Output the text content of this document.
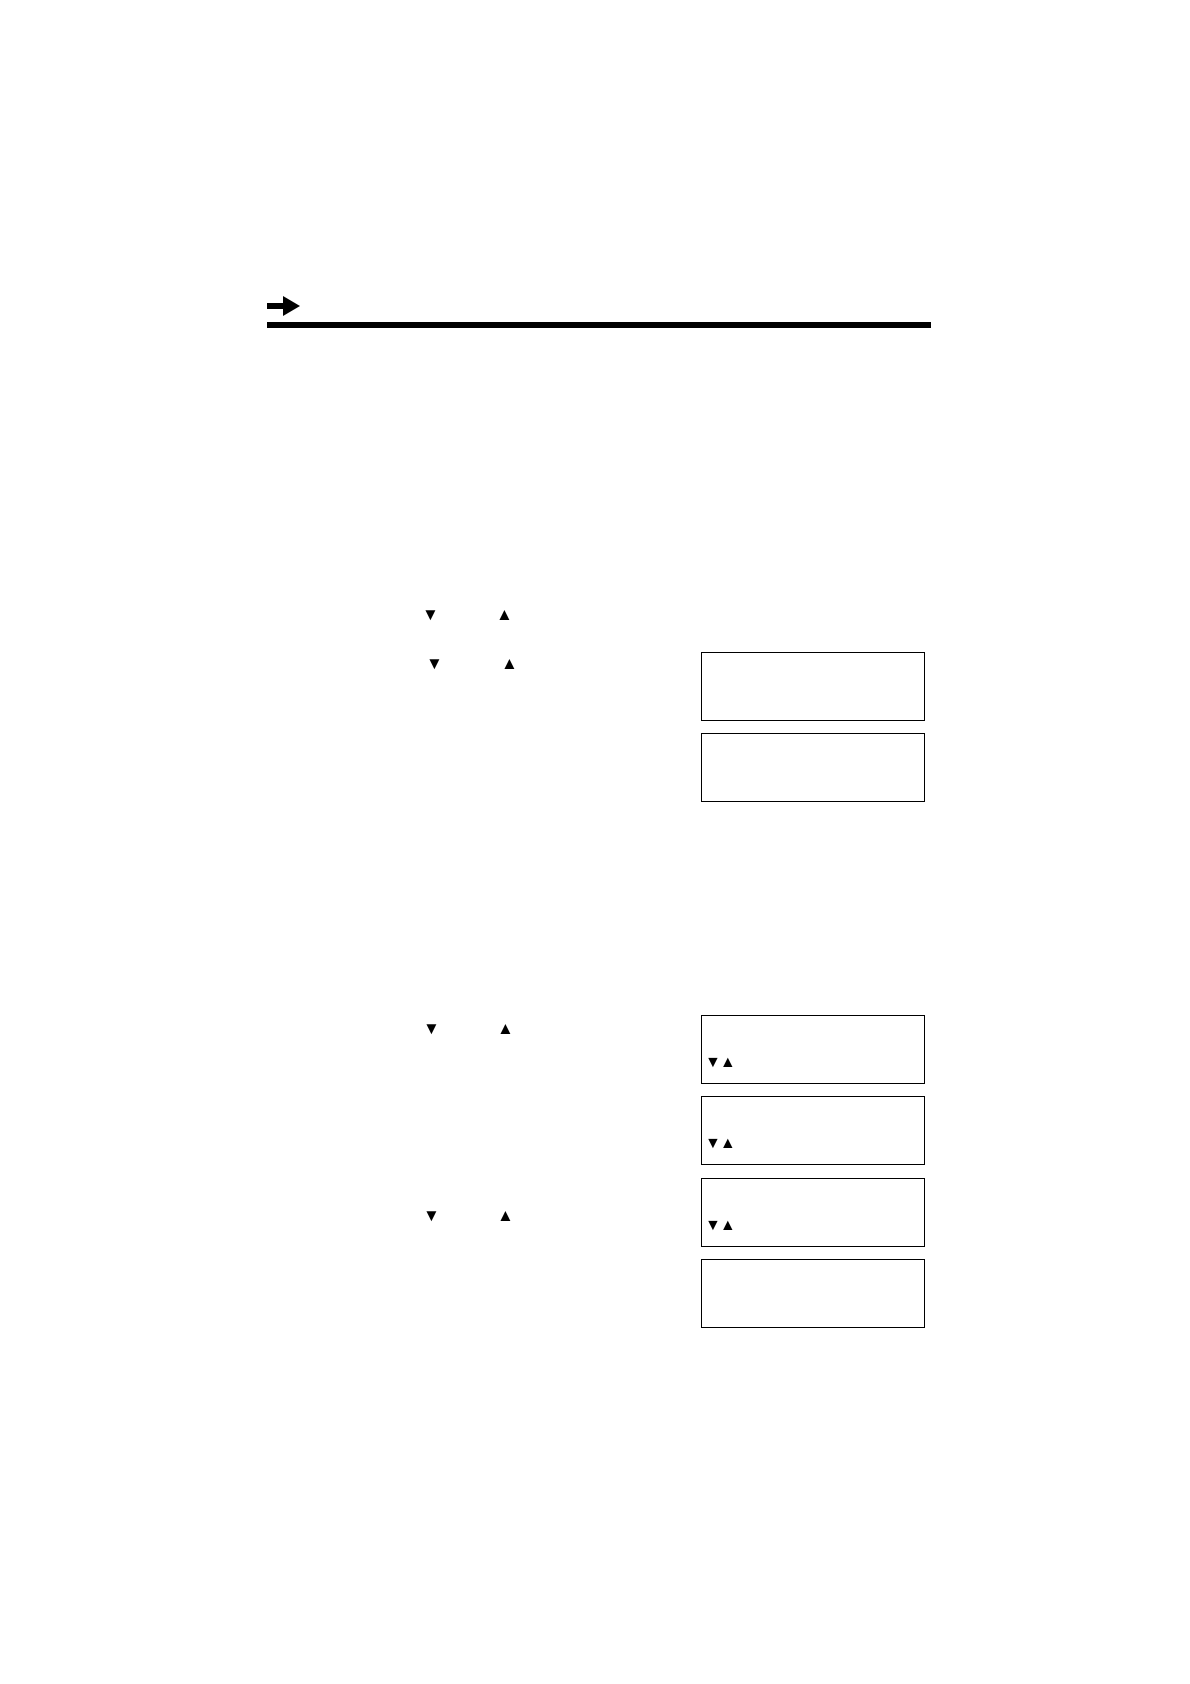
▼	▲
▼	▲
▼	▲
▼	▲
▼▲
▼▲
▼▲
